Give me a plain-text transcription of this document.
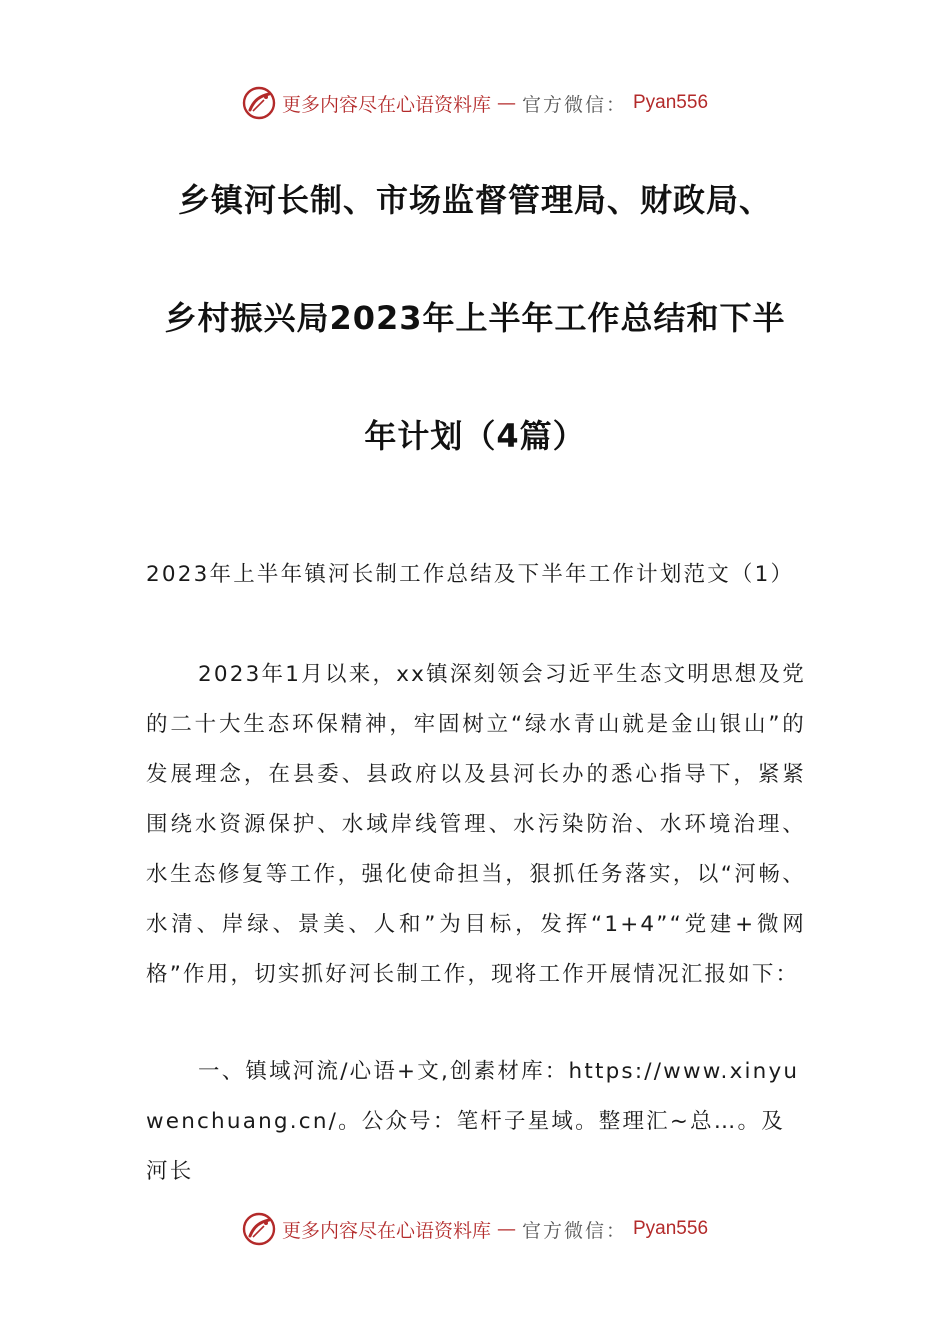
更多内容尽在心语资料库 — 官方微信： Pyan556
乡镇河长制、市场监督管理局、财政局、
乡村振兴局2023年上半年工作总结和下半
年计划（4篇）
2023年上半年镇河长制工作总结及下半年工作计划范文（1）
2023年1月以来，xx镇深刻领会习近平生态文明思想及党的二十大生态环保精神，牢固树立“绿水青山就是金山银山”的发展理念，在县委、县政府以及县河长办的悉心指导下，紧紧围绕水资源保护、水域岸线管理、水污染防治、水环境治理、水生态修复等工作，强化使命担当，狠抓任务落实，以“河畅、水清、岸绿、景美、人和”为目标，发挥“1+4”“党建+微网格”作用，切实抓好河长制工作，现将工作开展情况汇报如下：
一、镇域河流/心语+文,创素材库：https://www.xinyuwenchuang.cn/。公众号：笔杆子星域。整理汇~总…。及河长
更多内容尽在心语资料库 — 官方微信： Pyan556
